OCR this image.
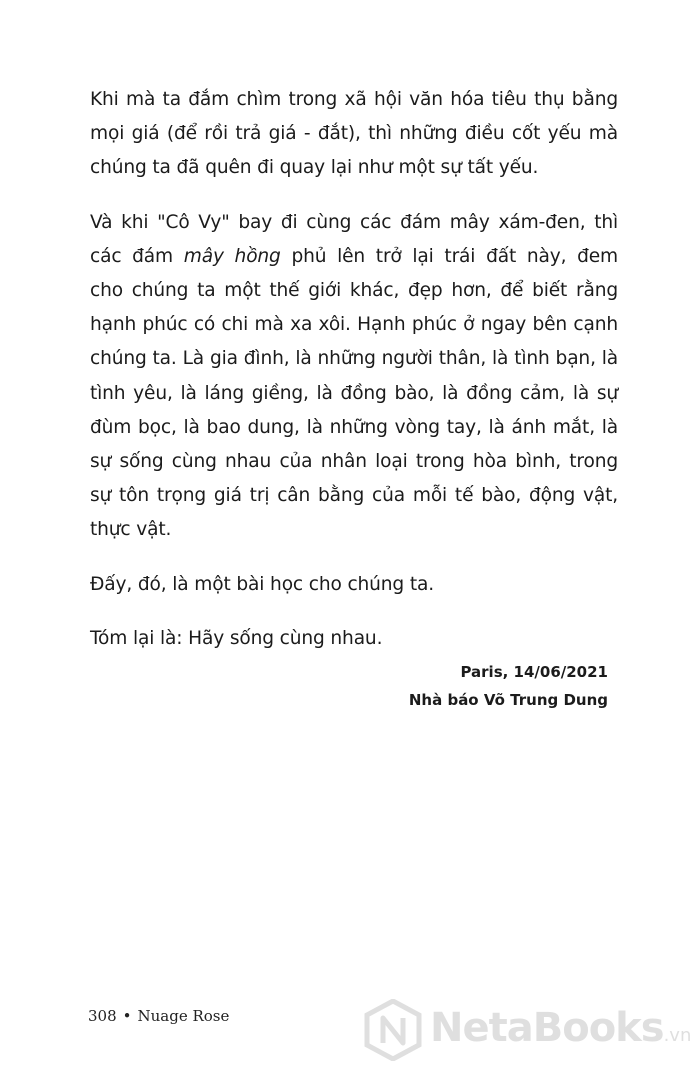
Khi mà ta đắm chìm trong xã hội văn hóa tiêu thụ bằng
mọi giá (để rồi trả giá - đắt), thì những điều cốt yếu mà
chúng ta đã quên đi quay lại như một sự tất yếu.

Và khi "Cô Vy" bay đi cùng các đám mây xám-đen, thì
các đám mây hồng phủ lên trở lại trái đất này, đem
cho chúng ta một thế giới khác, đẹp hơn, để biết rằng
hạnh phúc có chi mà xa xôi. Hạnh phúc ở ngay bên cạnh
chúng ta. Là gia đình, là những người thân, là tình bạn, là
tình yêu, là láng giềng, là đồng bào, là đồng cảm, là sự
đùm bọc, là bao dung, là những vòng tay, là ánh mắt, là
sự sống cùng nhau của nhân loại trong hòa bình, trong
sự tôn trọng giá trị cân bằng của mỗi tế bào, động vật,
thực vật.

Đấy, đó, là một bài học cho chúng ta.

Tóm lại là: Hãy sống cùng nhau.

Paris, 14/06/2021
Nhà báo Võ Trung Dung
308 • Nuage Rose	NetaBooks.vn
